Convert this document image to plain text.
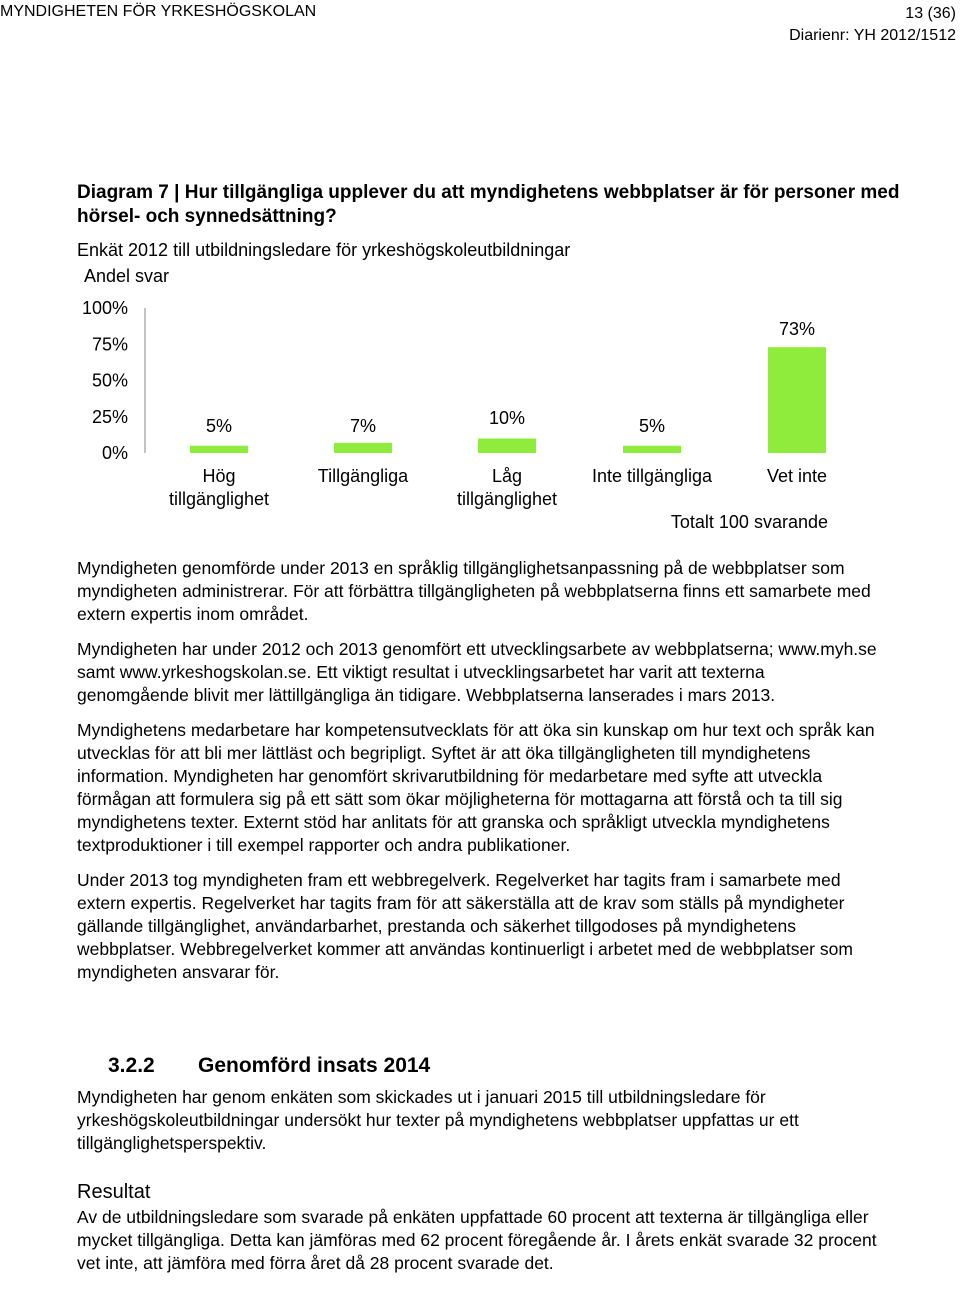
MYNDIGHETEN FÖR YRKESHÖGSKOLAN	13 (36)
Diarienr: YH 2012/1512
Diagram 7 | Hur tillgängliga upplever du att myndighetens webbplatser är för personer med hörsel- och synnedsättning?
Enkät 2012 till utbildningsledare för yrkeshögskoleutbildningar
Andel svar
0%
25%
50%
75%
100%
5%	7%	10%	5%
73%
Hög
tillgänglighet
Tillgängliga	Låg
tillgänglighet
Inte tillgängliga	Vet inte
Totalt 100 svarande

Myndigheten genomförde under 2013 en språklig tillgänglighetsanpassning på de webbplatser som myndigheten administrerar. För att förbättra tillgängligheten på webbplatserna finns ett samarbete med extern expertis inom området.

Myndigheten har under 2012 och 2013 genomfört ett utvecklingsarbete av webbplatserna; www.myh.se samt www.yrkeshogskolan.se. Ett viktigt resultat i utvecklingsarbetet har varit att texterna genomgående blivit mer lättillgängliga än tidigare. Webbplatserna lanserades i mars 2013.

Myndighetens medarbetare har kompetensutvecklats för att öka sin kunskap om hur text och språk kan utvecklas för att bli mer lättläst och begripligt. Syftet är att öka tillgängligheten till myndighetens information. Myndigheten har genomfört skrivarutbildning för medarbetare med syfte att utveckla förmågan att formulera sig på ett sätt som ökar möjligheterna för mottagarna att förstå och ta till sig myndighetens texter. Externt stöd har anlitats för att granska och språkligt utveckla myndighetens textproduktioner i till exempel rapporter och andra publikationer.

Under 2013 tog myndigheten fram ett webbregelverk. Regelverket har tagits fram i samarbete med extern expertis. Regelverket har tagits fram för att säkerställa att de krav som ställs på myndigheter gällande tillgänglighet, användarbarhet, prestanda och säkerhet tillgodoses på myndighetens webbplatser. Webbregelverket kommer att användas kontinuerligt i arbetet med de webbplatser som myndigheten ansvarar för.

3.2.2 Genomförd insats 2014

Myndigheten har genom enkäten som skickades ut i januari 2015 till utbildningsledare för yrkeshögskoleutbildningar undersökt hur texter på myndighetens webbplatser uppfattas ur ett tillgänglighetsperspektiv.

Resultat

Av de utbildningsledare som svarade på enkäten uppfattade 60 procent att texterna är tillgängliga eller mycket tillgängliga. Detta kan jämföras med 62 procent föregående år. I årets enkät svarade 32 procent vet inte, att jämföra med förra året då 28 procent svarade det.
